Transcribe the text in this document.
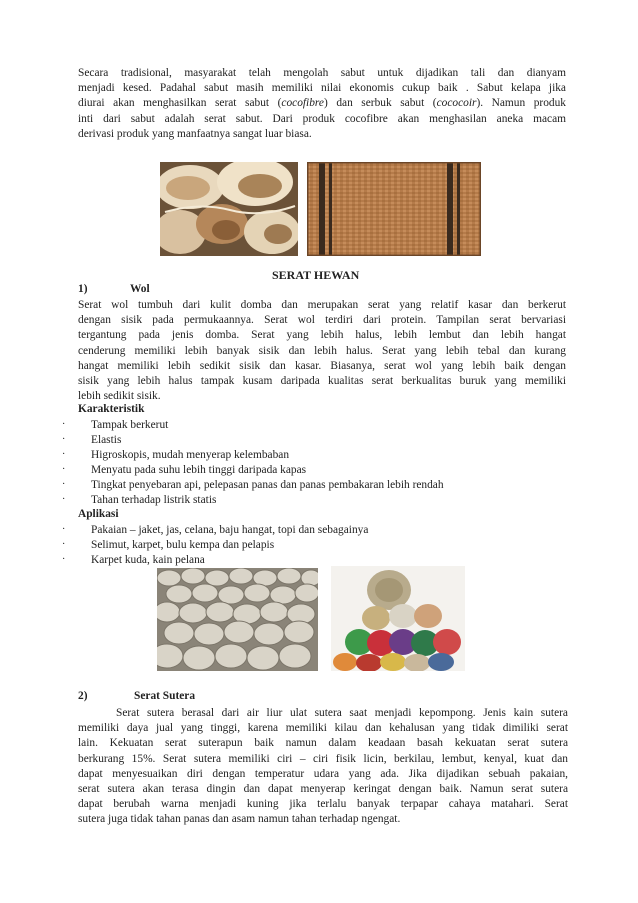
Secara tradisional, masyarakat telah mengolah sabut untuk dijadikan tali dan dianyam
menjadi kesed. Padahal sabut masih memiliki nilai ekonomis cukup baik . Sabut kelapa jika
diurai akan menghasilkan serat sabut (cocofibre) dan serbuk sabut (cococoir). Namun produk
inti dari sabut adalah serat sabut. Dari produk cocofibre akan menghasilan aneka macam
derivasi produk yang manfaatnya sangat luar biasa.
SERAT HEWAN
1)	Wol
Serat wol tumbuh dari kulit domba dan merupakan serat yang relatif kasar dan berkerut
dengan sisik pada permukaannya. Serat wol terdiri dari protein. Tampilan serat bervariasi
tergantung pada jenis domba. Serat yang lebih halus, lebih lembut dan lebih hangat
cenderung memiliki lebih banyak sisik dan lebih halus. Serat yang lebih tebal dan kurang
hangat memiliki lebih sedikit sisik dan kasar. Biasanya, serat wol yang lebih baik dengan
sisik yang lebih halus tampak kusam daripada kualitas serat berkualitas buruk yang memiliki
lebih sedikit sisik.
Karakteristik
· Tampak berkerut
· Elastis
· Higroskopis, mudah menyerap kelembaban
· Menyatu pada suhu lebih tinggi daripada kapas
· Tingkat penyebaran api, pelepasan panas dan panas pembakaran lebih rendah
· Tahan terhadap listrik statis
Aplikasi
· Pakaian – jaket, jas, celana, baju hangat, topi dan sebagainya
· Selimut, karpet, bulu kempa dan pelapis
· Karpet kuda, kain pelana
2)	Serat Sutera
Serat sutera berasal dari air liur ulat sutera saat menjadi kepompong. Jenis kain sutera
memiliki daya jual yang tinggi, karena memiliki kilau dan kehalusan yang tidak dimiliki serat
lain. Kekuatan serat suterapun baik namun dalam keadaan basah kekuatan serat sutera
berkurang 15%. Serat sutera memiliki ciri – ciri fisik licin, berkilau, lembut, kenyal, kuat dan
dapat menyesuaikan diri dengan temperatur udara yang ada. Jika dijadikan sebuah pakaian,
serat sutera akan terasa dingin dan dapat menyerap keringat dengan baik. Namun serat sutera
dapat berubah warna menjadi kuning jika terlalu banyak terpapar cahaya matahari. Serat
sutera juga tidak tahan panas dan asam namun tahan terhadap ngengat.
